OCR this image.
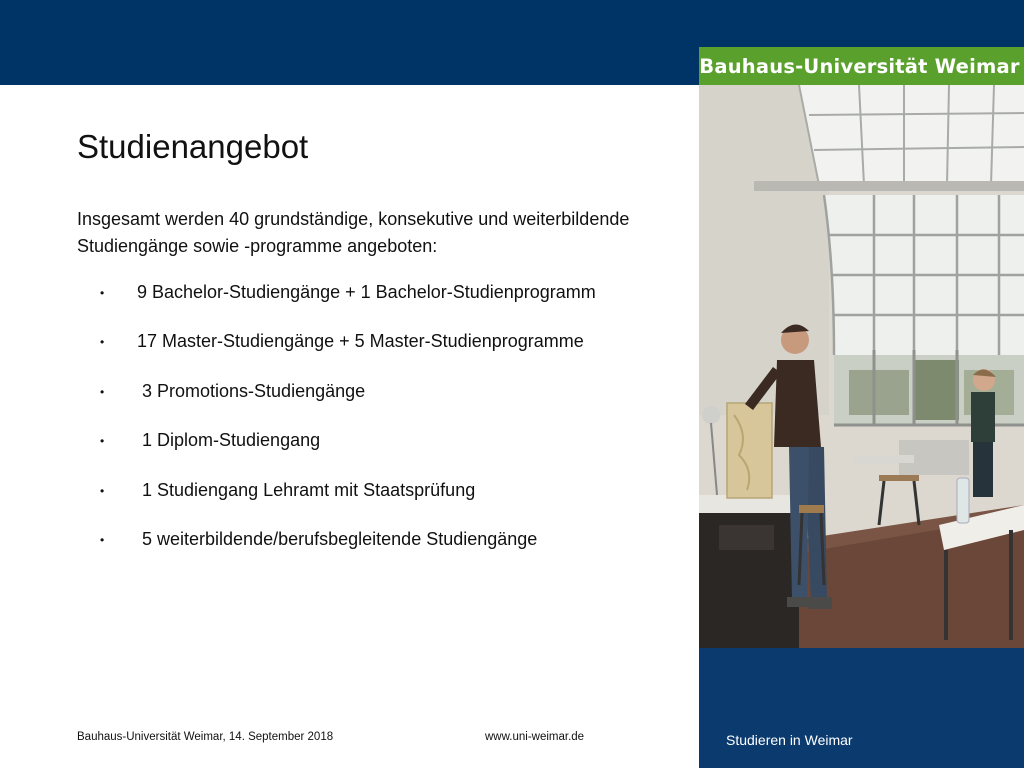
Bauhaus-Universität Weimar
Studieren in Weimar
Studienangebot

Insgesamt werden 40 grundständige, konsekutive und weiterbildende Studiengänge sowie -programme angeboten:

•	9 Bachelor-Studiengänge + 1 Bachelor-Studienprogramm
•	17 Master-Studiengänge + 5 Master-Studienprogramme
•	3 Promotions-Studiengänge
•	1 Diplom-Studiengang
•	1 Studiengang Lehramt mit Staatsprüfung
•	5 weiterbildende/berufsbegleitende Studiengänge
Bauhaus-Universität Weimar, 14. September 2018	www.uni-weimar.de
